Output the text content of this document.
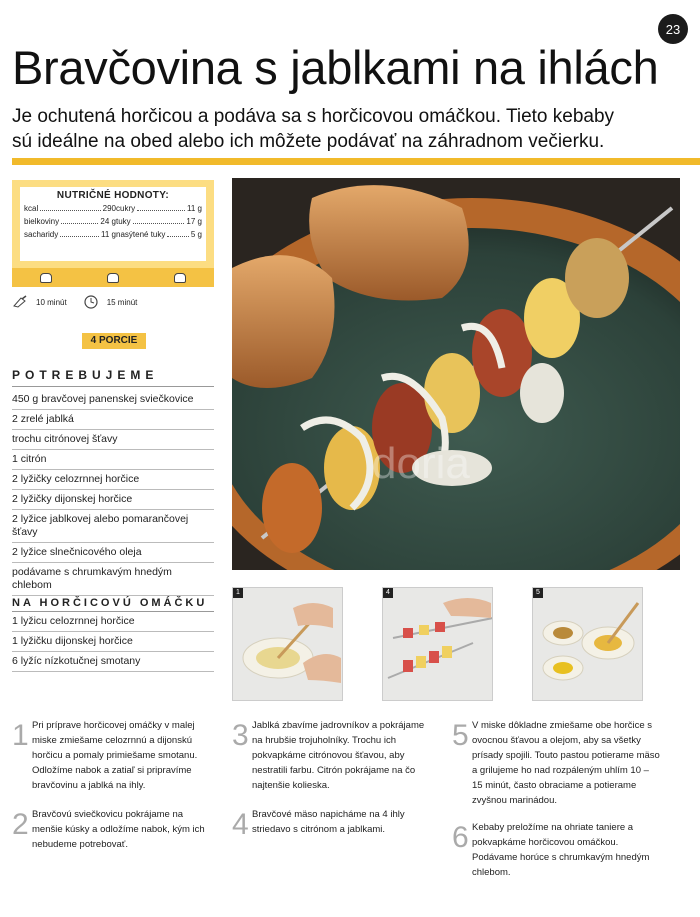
23
Bravčovina s jablkami na ihlách

Je ochutená horčicou a podáva sa s horčicovou omáčkou. Tieto kebaby sú ideálne na obed alebo ich môžete podávať na záhradnom večierku.

NUTRIČNÉ HODNOTY:
kcal	290 cukry	11 g
bielkoviny	24 g tuky	17 g
sacharidy	11 g nasýtené tuky	5 g
10 minút	15 minút
4 PORCIE
POTREBUJEME
450 g bravčovej panenskej sviečkovice
2 zrelé jablká
trochu citrónovej šťavy
1 citrón
2 lyžičky celozrnnej horčice
2 lyžičky dijonskej horčice
2 lyžice jablkovej alebo pomarančovej šťavy
2 lyžice slnečnicového oleja
podávame s chrumkavým hnedým chlebom
NA HORČICOVÚ OMÁČKU
1 lyžicu celozrnnej horčice
1 lyžičku dijonskej horčice
6 lyžíc nízkotučnej smotany
doria
1	4	5
1 Pri príprave horčicovej omáčky v malej miske zmiešame celozrnnú a dijonskú horčicu a pomaly primiešame smotanu. Odložíme nabok a zatiaľ si pripravíme bravčovinu a jablká na ihly.

2 Bravčovú sviečkovicu pokrájame na menšie kúsky a odložíme nabok, kým ich nebudeme potrebovať.

3 Jablká zbavíme jadrovníkov a pokrájame na hrubšie trojuholníky. Trochu ich pokvapkáme citrónovou šťavou, aby nestratili farbu. Citrón pokrájame na čo najtenšie kolieska.

4 Bravčové mäso napicháme na 4 ihly striedavo s citrónom a jablkami.

5 V miske dôkladne zmiešame obe horčice s ovocnou šťavou a olejom, aby sa všetky prísady spojili. Touto pastou potierame mäso a grilujeme ho nad rozpáleným uhlím 10 – 15 minút, často obraciame a potierame zvyšnou marinádou.

6 Kebaby preložíme na ohriate taniere a pokvapkáme horčicovou omáčkou. Podávame horúce s chrumkavým hnedým chlebom.
